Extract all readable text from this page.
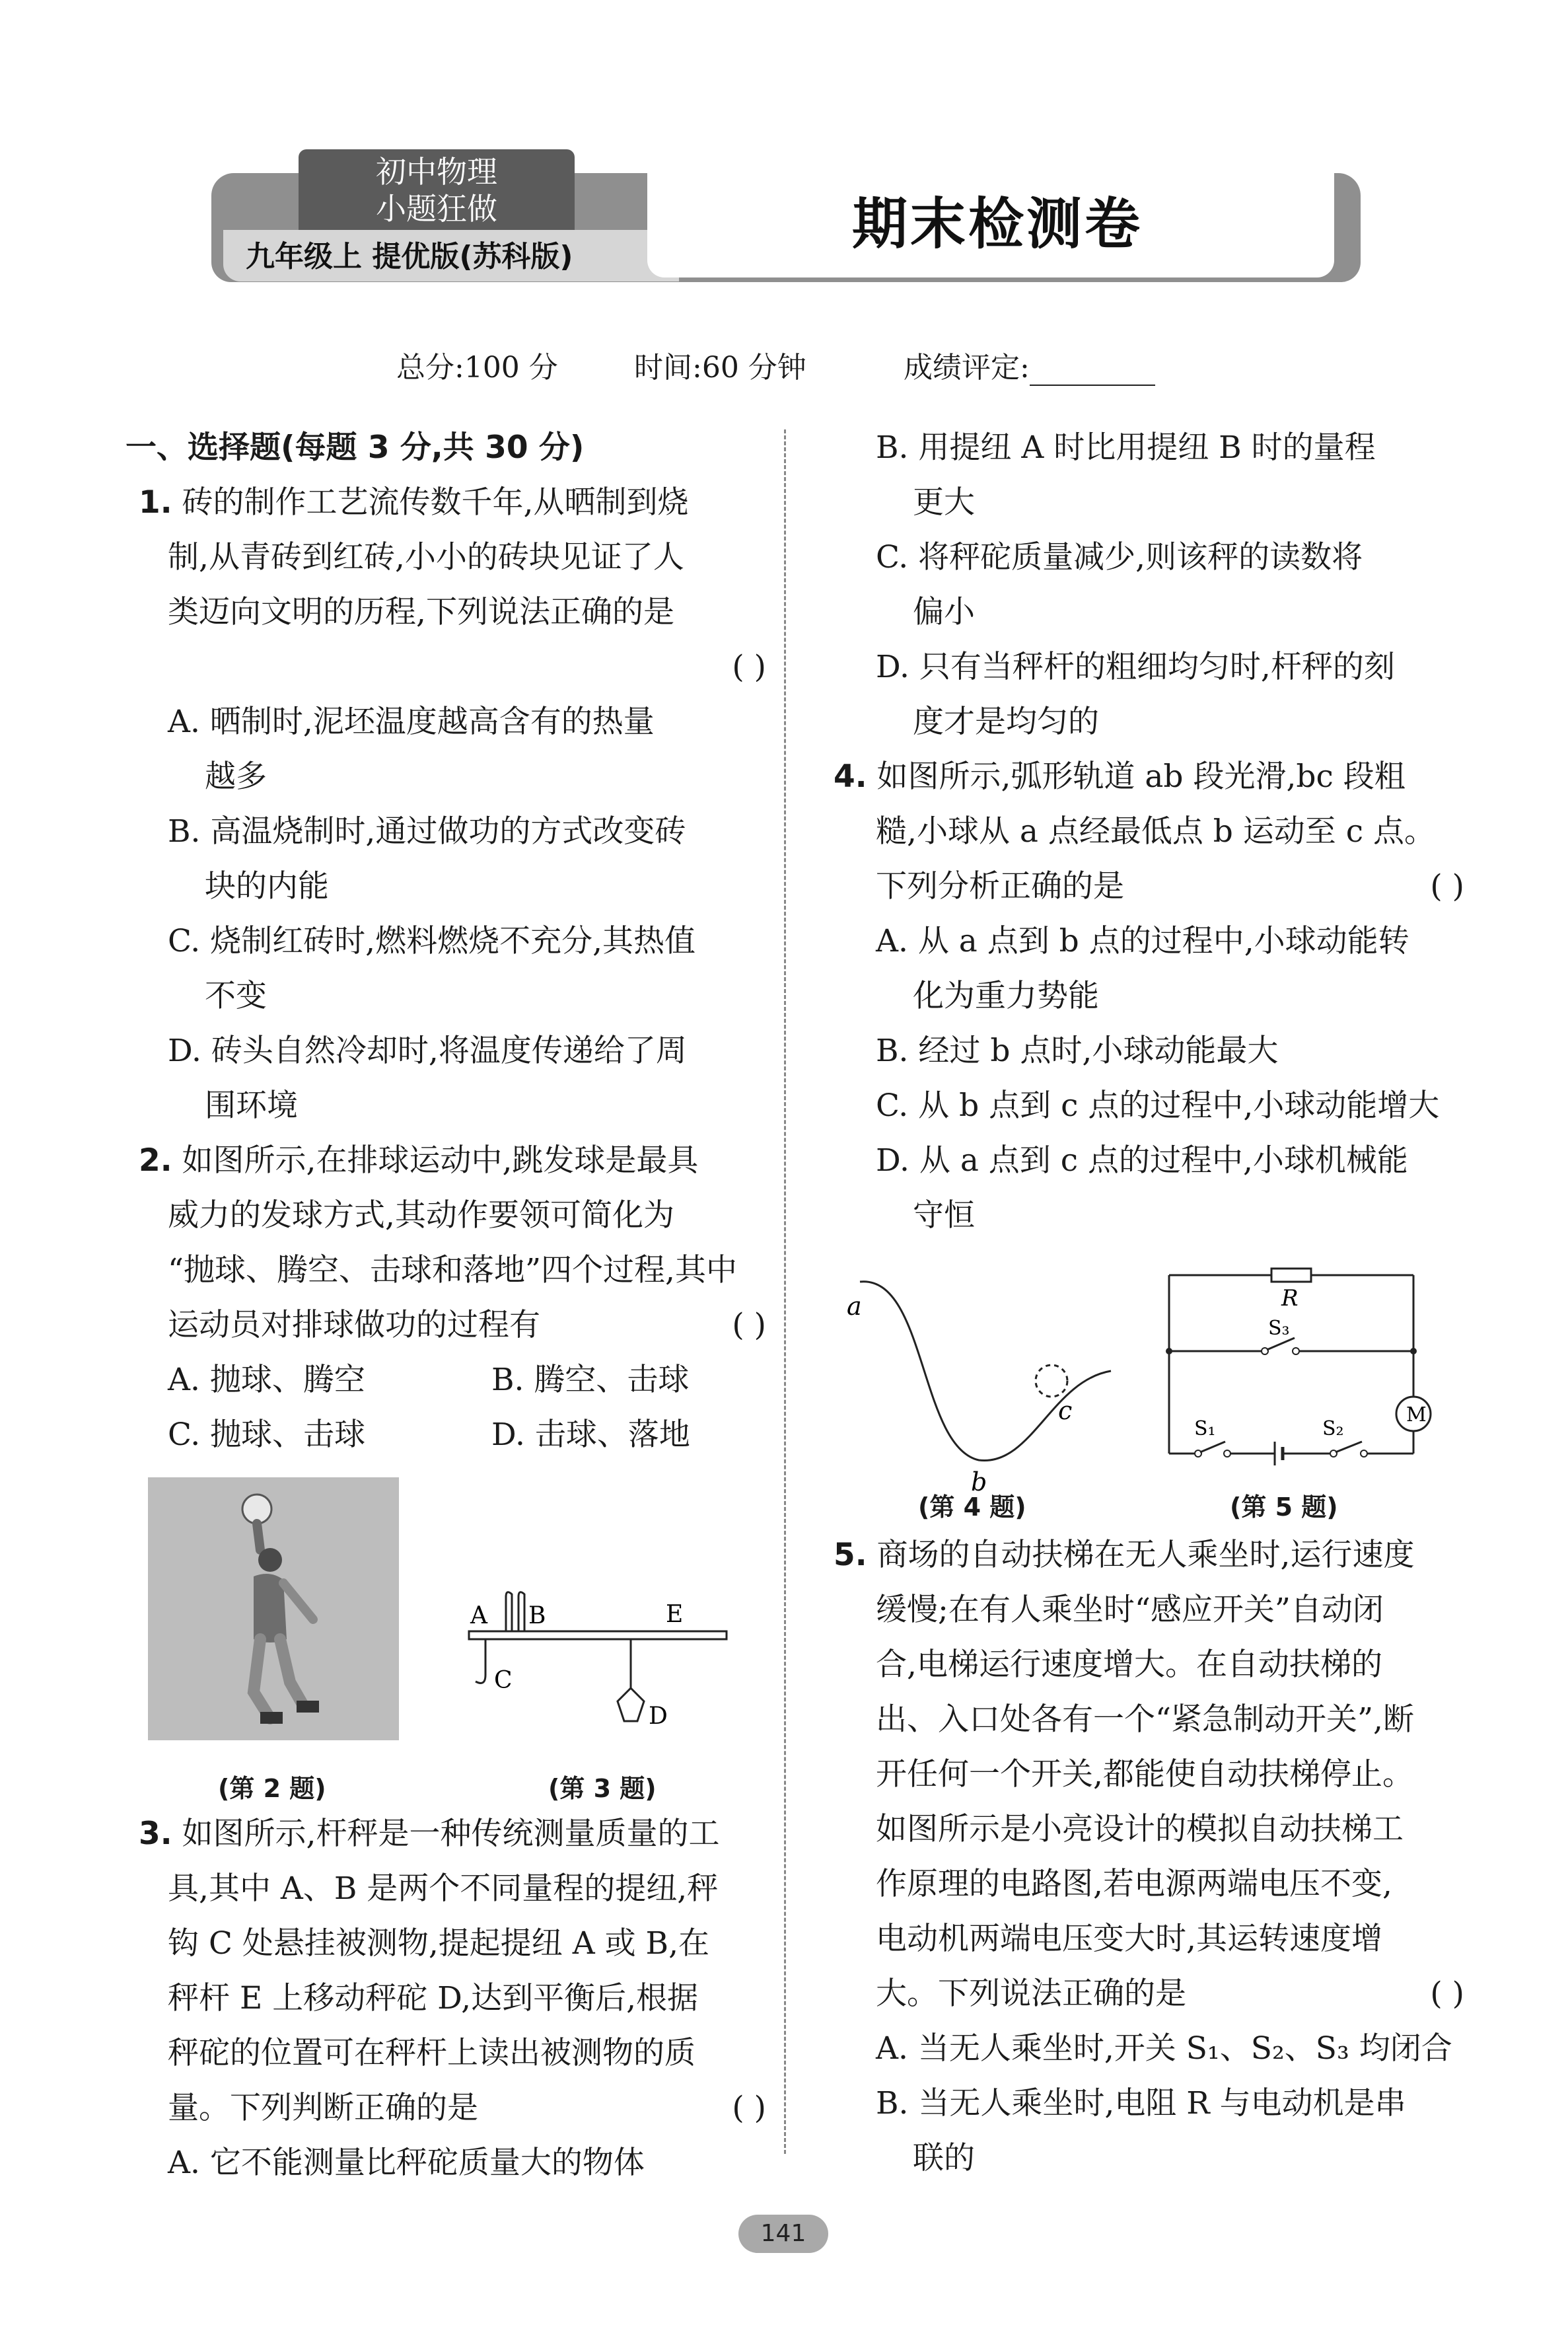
初中物理
小题狂做
九年级上 提优版(苏科版)
期末检测卷
总分:100 分	时间:60 分钟	成绩评定:

一、选择题(每题 3 分,共 30 分)

1. 砖的制作工艺流传数千年,从晒制到烧

制,从青砖到红砖,小小的砖块见证了人

类迈向文明的历程,下列说法正确的是

( )

A. 晒制时,泥坯温度越高含有的热量

越多

B. 高温烧制时,通过做功的方式改变砖

块的内能

C. 烧制红砖时,燃料燃烧不充分,其热值

不变

D. 砖头自然冷却时,将温度传递给了周

围环境

2. 如图所示,在排球运动中,跳发球是最具

威力的发球方式,其动作要领可简化为

“抛球、腾空、击球和落地”四个过程,其中

运动员对排球做功的过程有	( )

A. 抛球、腾空	B. 腾空、击球

C. 抛球、击球	D. 击球、落地

A B
C
D
E
(第 2 题)	(第 3 题)

3. 如图所示,杆秤是一种传统测量质量的工

具,其中 A、B 是两个不同量程的提纽,秤

钩 C 处悬挂被测物,提起提纽 A 或 B,在

秤杆 E 上移动秤砣 D,达到平衡后,根据

秤砣的位置可在秤杆上读出被测物的质

量。下列判断正确的是	( )

A. 它不能测量比秤砣质量大的物体

B. 用提纽 A 时比用提纽 B 时的量程

更大

C. 将秤砣质量减少,则该秤的读数将

偏小

D. 只有当秤杆的粗细均匀时,杆秤的刻

度才是均匀的

4. 如图所示,弧形轨道 ab 段光滑,bc 段粗

糙,小球从 a 点经最低点 b 运动至 c 点。

下列分析正确的是	( )

A. 从 a 点到 b 点的过程中,小球动能转

化为重力势能

B. 经过 b 点时,小球动能最大

C. 从 b 点到 c 点的过程中,小球动能增大

D. 从 a 点到 c 点的过程中,小球机械能

守恒

a
b
c
R
S₃
S₁	S₂
M
(第 4 题)	(第 5 题)

5. 商场的自动扶梯在无人乘坐时,运行速度

缓慢;在有人乘坐时“感应开关”自动闭

合,电梯运行速度增大。在自动扶梯的

出、入口处各有一个“紧急制动开关”,断

开任何一个开关,都能使自动扶梯停止。

如图所示是小亮设计的模拟自动扶梯工

作原理的电路图,若电源两端电压不变,

电动机两端电压变大时,其运转速度增

大。下列说法正确的是	( )

A. 当无人乘坐时,开关 S₁、S₂、S₃ 均闭合

B. 当无人乘坐时,电阻 R 与电动机是串

联的

141
